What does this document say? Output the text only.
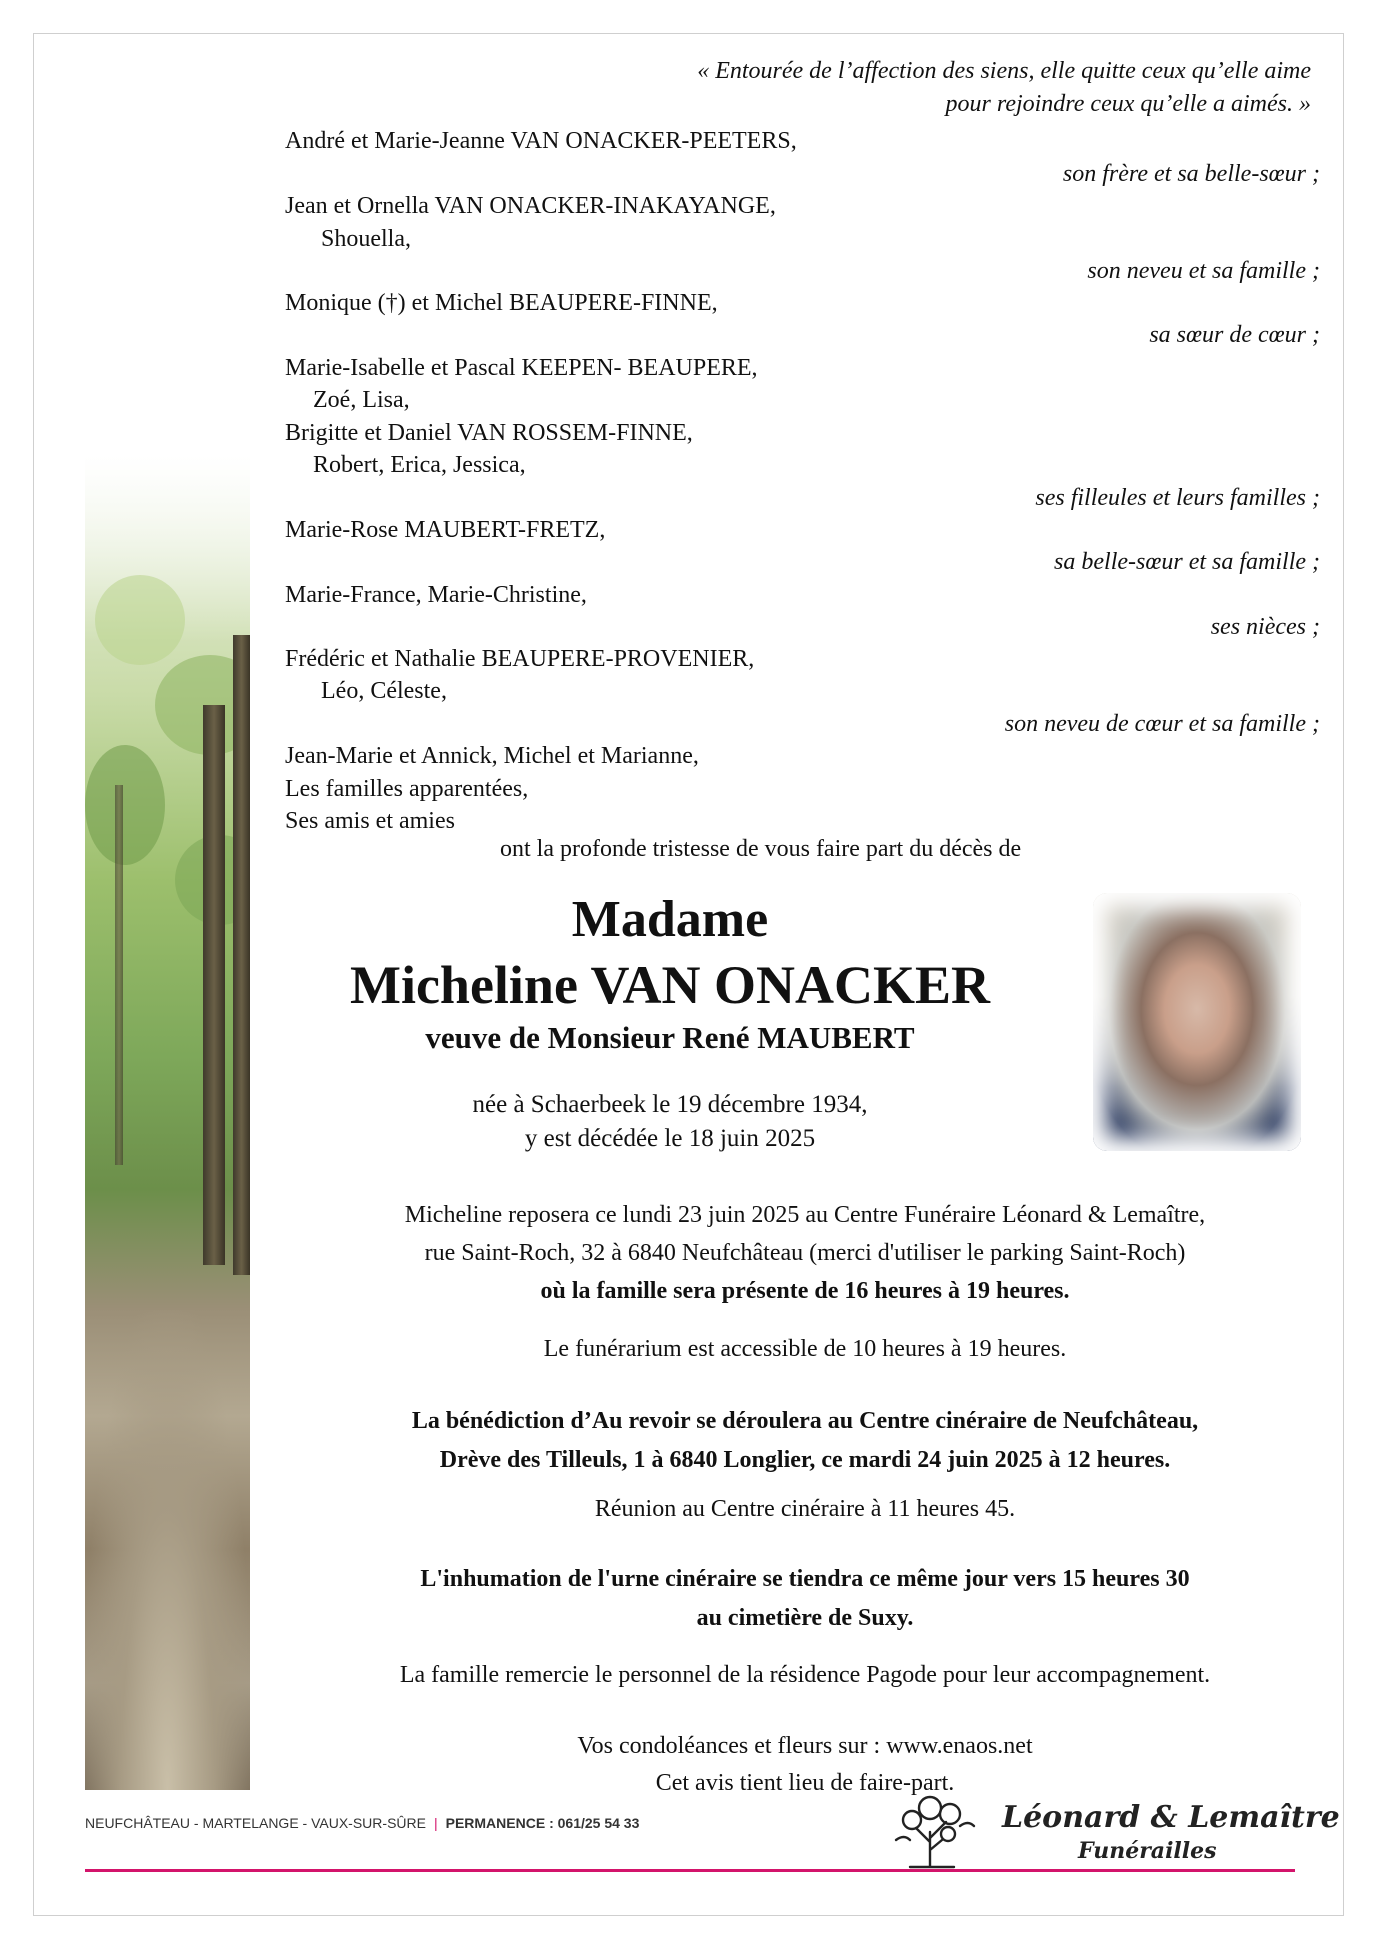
« Entourée de l’affection des siens, elle quitte ceux qu’elle aime
pour rejoindre ceux qu’elle a aimés. »
André et Marie-Jeanne VAN ONACKER-PEETERS,
son frère et sa belle-sœur ;
Jean et Ornella VAN ONACKER-INAKAYANGE,
Shouella,
son neveu et sa famille ;
Monique (†) et Michel BEAUPERE-FINNE,
sa sœur de cœur ;
Marie-Isabelle et Pascal KEEPEN- BEAUPERE,
Zoé, Lisa,
Brigitte et Daniel VAN ROSSEM-FINNE,
Robert, Erica, Jessica,
ses filleules et leurs familles ;
Marie-Rose MAUBERT-FRETZ,
sa belle-sœur et sa famille ;
Marie-France, Marie-Christine,
ses nièces ;
Frédéric et Nathalie BEAUPERE-PROVENIER,
Léo, Céleste,
son neveu de cœur et sa famille ;
Jean-Marie et Annick, Michel et Marianne,
Les familles apparentées,
Ses amis et amies
ont la profonde tristesse de vous faire part du décès de
Madame
Micheline VAN ONACKER
veuve de Monsieur René MAUBERT
née à Schaerbeek le 19 décembre 1934,
y est décédée le 18 juin 2025
Micheline reposera ce lundi 23 juin 2025 au Centre Funéraire Léonard & Lemaître,
rue Saint-Roch, 32 à 6840 Neufchâteau (merci d'utiliser le parking Saint-Roch)
où la famille sera présente de 16 heures à 19 heures.
Le funérarium est accessible de 10 heures à 19 heures.
La bénédiction d’Au revoir se déroulera au Centre cinéraire de Neufchâteau,
Drève des Tilleuls, 1 à 6840 Longlier, ce mardi 24 juin 2025 à 12 heures.
Réunion au Centre cinéraire à 11 heures 45.
L'inhumation de l'urne cinéraire se tiendra ce même jour vers 15 heures 30
au cimetière de Suxy.
La famille remercie le personnel de la résidence Pagode pour leur accompagnement.
Vos condoléances et fleurs sur : www.enaos.net
Cet avis tient lieu de faire-part.
NEUFCHÂTEAU - MARTELANGE - VAUX-SUR-SÛRE | PERMANENCE : 061/25 54 33	Léonard & Lemaître
Funérailles
